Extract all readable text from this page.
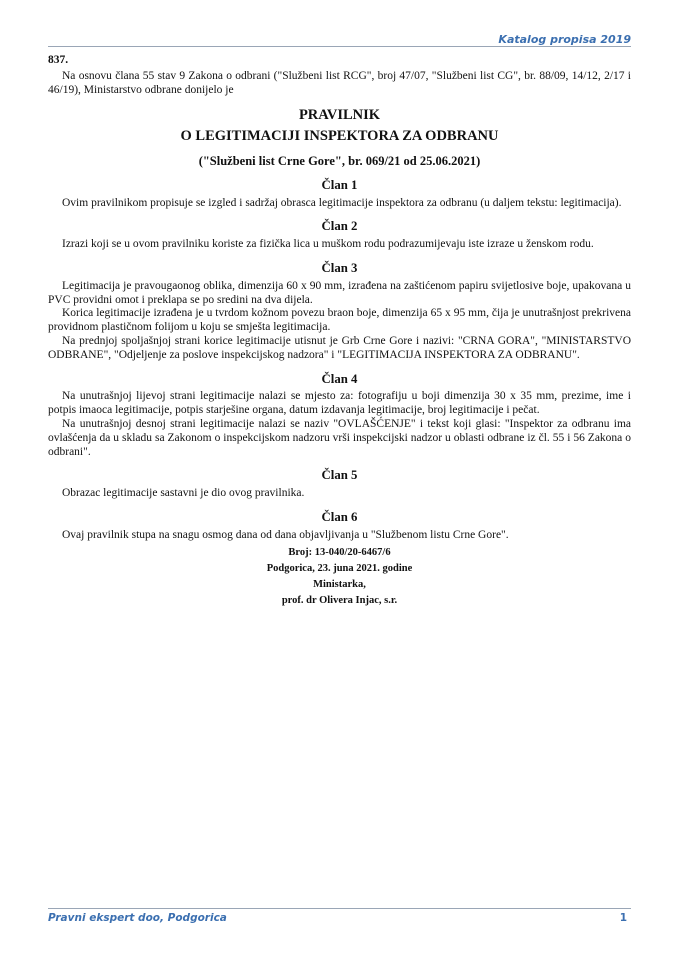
Katalog propisa 2019
837.

Na osnovu člana 55 stav 9 Zakona o odbrani ("Službeni list RCG", broj 47/07, "Službeni list CG", br. 88/09, 14/12, 2/17 i 46/19), Ministarstvo odbrane donijelo je

PRAVILNIK

O LEGITIMACIJI INSPEKTORA ZA ODBRANU

("Službeni list Crne Gore", br. 069/21 od 25.06.2021)

Član 1

Ovim pravilnikom propisuje se izgled i sadržaj obrasca legitimacije inspektora za odbranu (u daljem tekstu: legitimacija).

Član 2

Izrazi koji se u ovom pravilniku koriste za fizička lica u muškom rodu podrazumijevaju iste izraze u ženskom rodu.

Član 3

Legitimacija je pravougaonog oblika, dimenzija 60 x 90 mm, izrađena na zaštićenom papiru svijetlosive boje, upakovana u PVC providni omot i preklapa se po sredini na dva dijela.

Korica legitimacije izrađena je u tvrdom kožnom povezu braon boje, dimenzija 65 x 95 mm, čija je unutrašnjost prekrivena providnom plastičnom folijom u koju se smješta legitimacija.

Na prednjoj spoljašnjoj strani korice legitimacije utisnut je Grb Crne Gore i nazivi: "CRNA GORA", "MINISTARSTVO ODBRANE", "Odjeljenje za poslove inspekcijskog nadzora" i "LEGITIMACIJA INSPEKTORA ZA ODBRANU".

Član 4

Na unutrašnjoj lijevoj strani legitimacije nalazi se mjesto za: fotografiju u boji dimenzija 30 x 35 mm, prezime, ime i potpis imaoca legitimacije, potpis starješine organa, datum izdavanja legitimacije, broj legitimacije i pečat.

Na unutrašnjoj desnoj strani legitimacije nalazi se naziv "OVLAŠĆENJE" i tekst koji glasi: "Inspektor za odbranu ima ovlašćenja da u skladu sa Zakonom o inspekcijskom nadzoru vrši inspekcijski nadzor u oblasti odbrane iz čl. 55 i 56 Zakona o odbrani".

Član 5

Obrazac legitimacije sastavni je dio ovog pravilnika.

Član 6

Ovaj pravilnik stupa na snagu osmog dana od dana objavljivanja u "Službenom listu Crne Gore".

Broj: 13-040/20-6467/6

Podgorica, 23. juna 2021. godine

Ministarka,

prof. dr Olivera Injac, s.r.

Pravni ekspert doo, Podgorica	1
